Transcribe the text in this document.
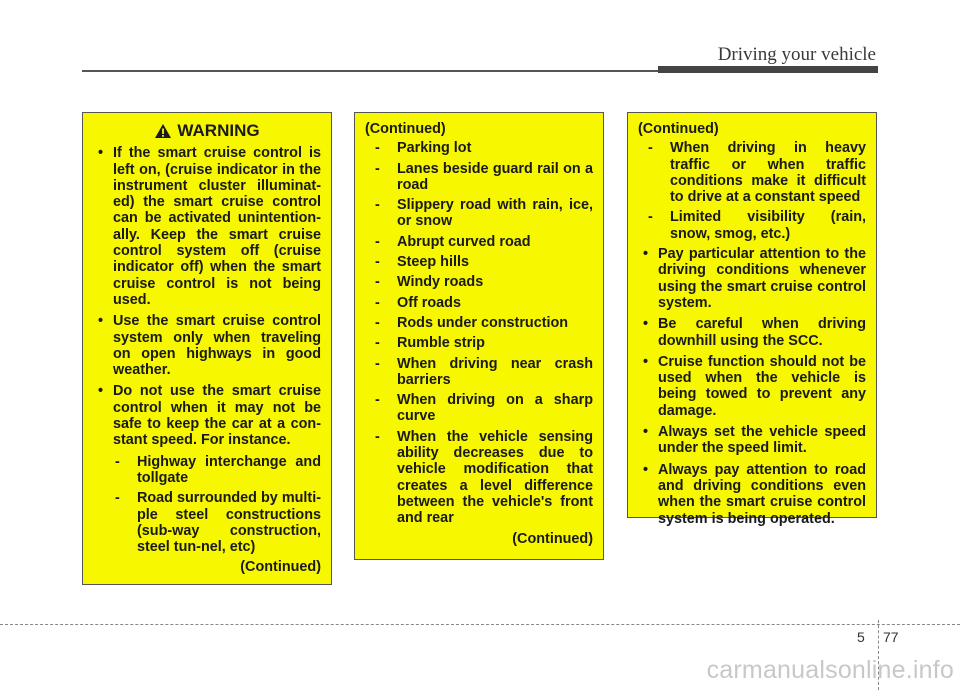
Driving your vehicle
WARNING
• If the smart cruise control is left on, (cruise indicator in the instrument cluster illuminat-ed) the smart cruise control can be activated unintention-ally. Keep the smart cruise control system off (cruise indicator off) when the smart cruise control is not being used.
• Use the smart cruise control system only when traveling on open highways in good weather.
• Do not use the smart cruise control when it may not be safe to keep the car at a con-stant speed. For instance.
- Highway interchange and tollgate
- Road surrounded by multi-ple steel constructions (sub-way construction, steel tun-nel, etc)
(Continued)
(Continued)
- Parking lot
- Lanes beside guard rail on a road
- Slippery road with rain, ice, or snow
- Abrupt curved road
- Steep hills
- Windy roads
- Off roads
- Rods under construction
- Rumble strip
- When driving near crash barriers
- When driving on a sharp curve
- When the vehicle sensing ability decreases due to vehicle modification that creates a level difference between the vehicle's front and rear
(Continued)
(Continued)
- When driving in heavy traffic or when traffic conditions make it difficult to drive at a constant speed
- Limited visibility (rain, snow, smog, etc.)
• Pay particular attention to the driving conditions whenever using the smart cruise control system.
• Be careful when driving downhill using the SCC.
• Cruise function should not be used when the vehicle is being towed to prevent any damage.
• Always set the vehicle speed under the speed limit.
• Always pay attention to road and driving conditions even when the smart cruise control system is being operated.
5 77
carmanualsonline.info
